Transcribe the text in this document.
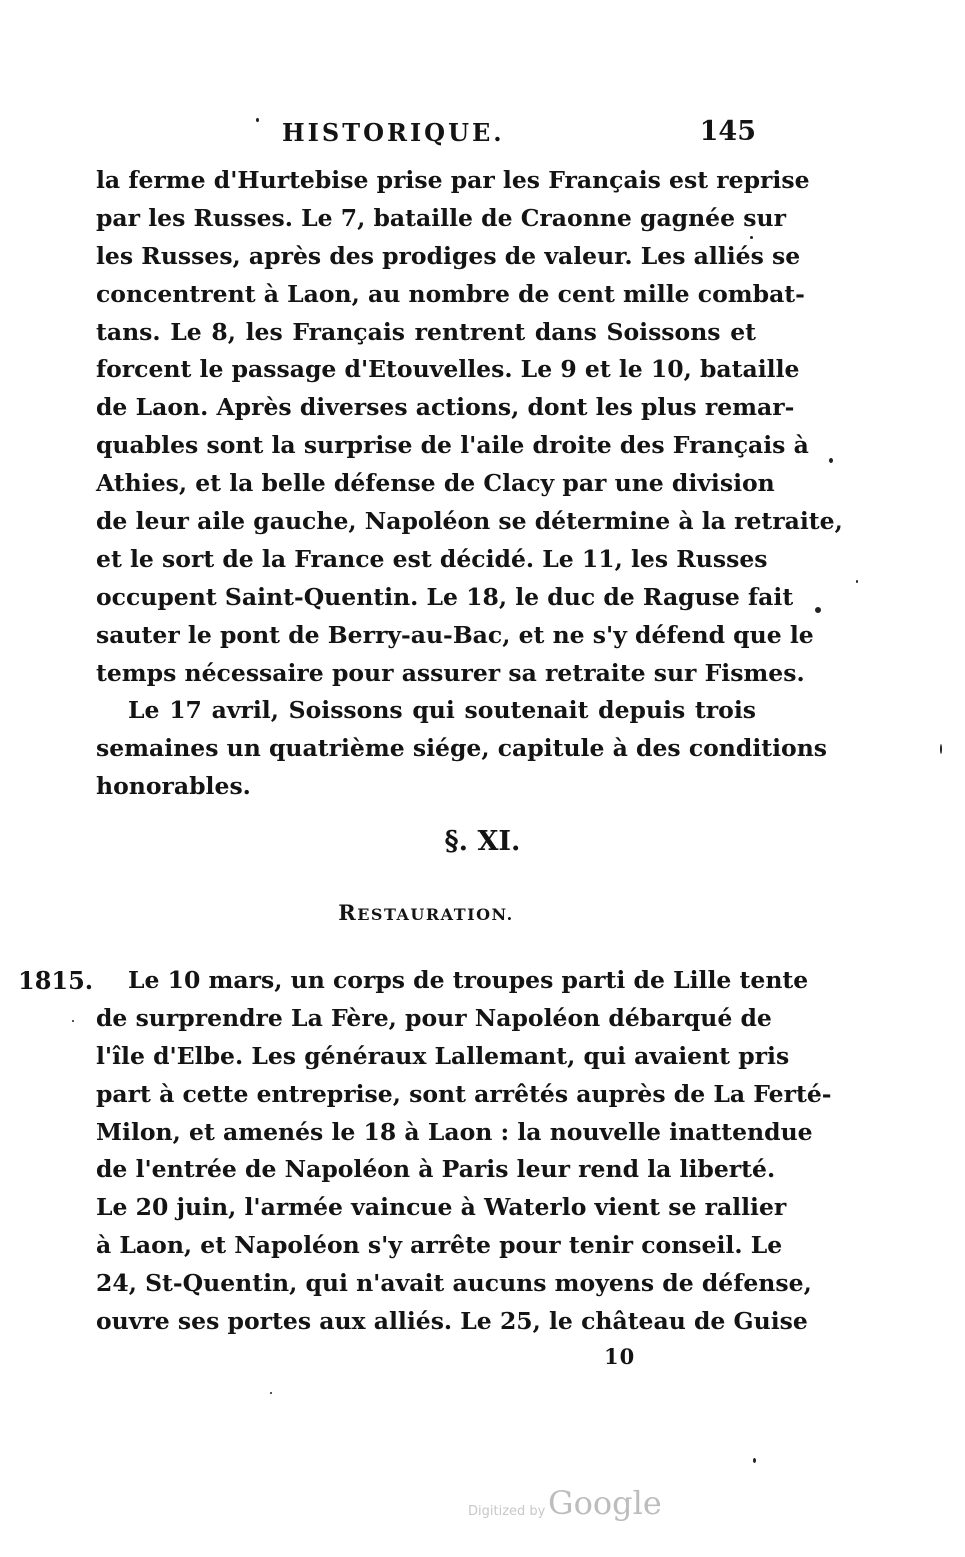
HISTORIQUE.	145
la ferme d'Hurtebise prise par les Français est reprise
par les Russes. Le 7, bataille de Craonne gagnée sur
les Russes, après des prodiges de valeur. Les alliés se
concentrent à Laon, au nombre de cent mille combat-
tans. Le 8, les Français rentrent dans Soissons et
forcent le passage d'Etouvelles. Le 9 et le 10, bataille
de Laon. Après diverses actions, dont les plus remar-
quables sont la surprise de l'aile droite des Français à
Athies, et la belle défense de Clacy par une division
de leur aile gauche, Napoléon se détermine à la retraite,
et le sort de la France est décidé. Le 11, les Russes
occupent Saint-Quentin. Le 18, le duc de Raguse fait
sauter le pont de Berry-au-Bac, et ne s'y défend que le
temps nécessaire pour assurer sa retraite sur Fismes.
Le 17 avril, Soissons qui soutenait depuis trois
semaines un quatrième siége, capitule à des conditions
honorables.
§. XI.
RESTAURATION.
1815.	Le 10 mars, un corps de troupes parti de Lille tente
de surprendre La Fère, pour Napoléon débarqué de
l'île d'Elbe. Les généraux Lallemant, qui avaient pris
part à cette entreprise, sont arrêtés auprès de La Ferté-
Milon, et amenés le 18 à Laon : la nouvelle inattendue
de l'entrée de Napoléon à Paris leur rend la liberté.
Le 20 juin, l'armée vaincue à Waterlo vient se rallier
à Laon, et Napoléon s'y arrête pour tenir conseil. Le
24, St-Quentin, qui n'avait aucuns moyens de défense,
ouvre ses portes aux alliés. Le 25, le château de Guise
10
Digitized by Google
